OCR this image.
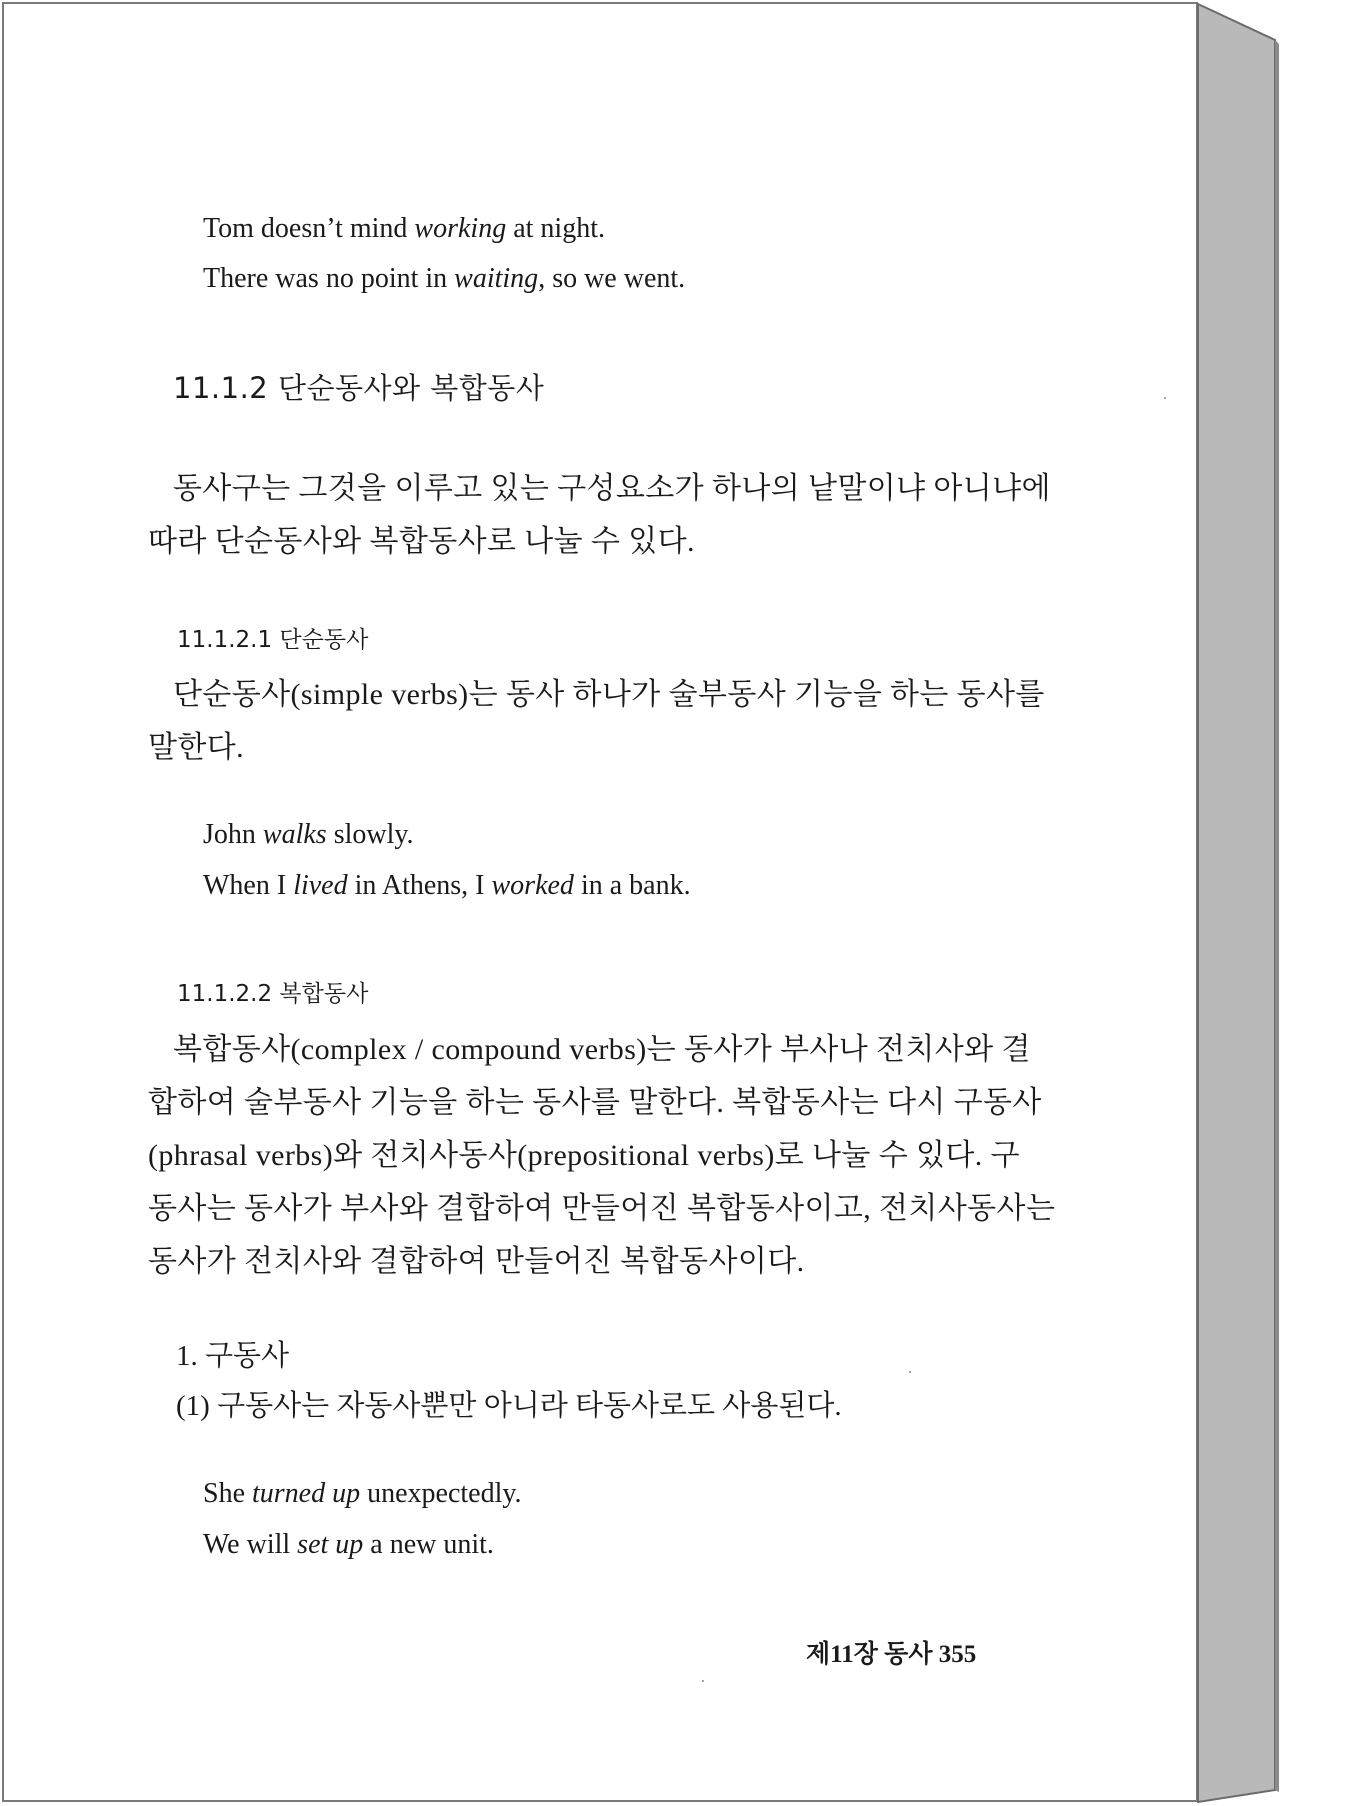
Tom doesn’t mind working at night.
There was no point in waiting, so we went.
11.1.2 단순동사와 복합동사
동사구는 그것을 이루고 있는 구성요소가 하나의 낱말이냐 아니냐에
따라 단순동사와 복합동사로 나눌 수 있다.
11.1.2.1 단순동사
단순동사(simple verbs)는 동사 하나가 술부동사 기능을 하는 동사를
말한다.
John walks slowly.
When I lived in Athens, I worked in a bank.
11.1.2.2 복합동사
복합동사(complex / compound verbs)는 동사가 부사나 전치사와 결
합하여 술부동사 기능을 하는 동사를 말한다. 복합동사는 다시 구동사
(phrasal verbs)와 전치사동사(prepositional verbs)로 나눌 수 있다. 구
동사는 동사가 부사와 결합하여 만들어진 복합동사이고, 전치사동사는
동사가 전치사와 결합하여 만들어진 복합동사이다.
1. 구동사
(1) 구동사는 자동사뿐만 아니라 타동사로도 사용된다.
She turned up unexpectedly.
We will set up a new unit.
제11장 동사 355
